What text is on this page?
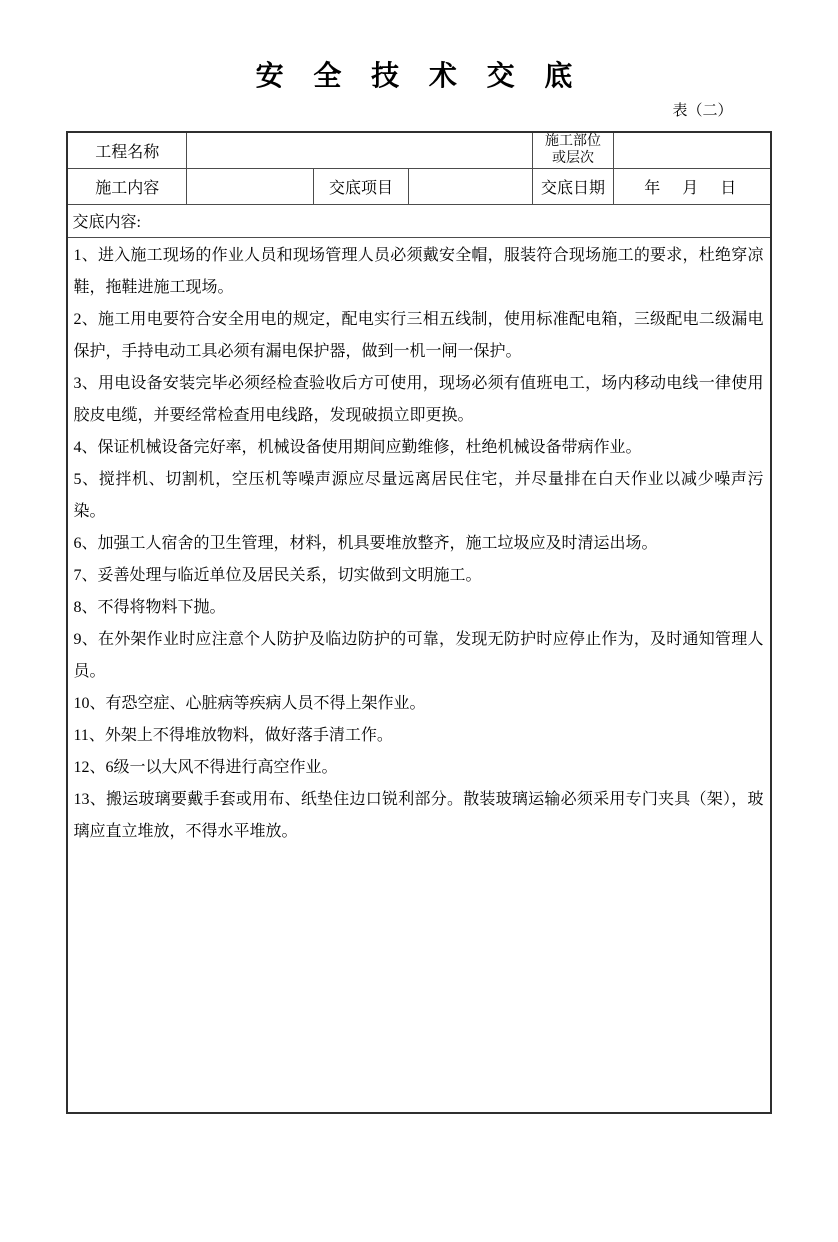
安 全 技 术 交 底
表（二）
工程名称				施工部位
或层次	

施工内容		交底项目		交底日期	年　月　日
交底内容:					

1、进入施工现场的作业人员和现场管理人员必须戴安全帽，服装符合现场施工的要求，杜绝穿凉鞋，拖鞋进施工现场。

2、施工用电要符合安全用电的规定，配电实行三相五线制，使用标准配电箱，三级配电二级漏电保护，手持电动工具必须有漏电保护器，做到一机一闸一保护。

3、用电设备安装完毕必须经检查验收后方可使用，现场必须有值班电工，场内移动电线一律使用胶皮电缆，并要经常检查用电线路，发现破损立即更换。

4、保证机械设备完好率，机械设备使用期间应勤维修，杜绝机械设备带病作业。

5、搅拌机、切割机，空压机等噪声源应尽量远离居民住宅，并尽量排在白天作业以减少噪声污染。

6、加强工人宿舍的卫生管理，材料，机具要堆放整齐，施工垃圾应及时清运出场。

7、妥善处理与临近单位及居民关系，切实做到文明施工。

8、不得将物料下抛。

9、在外架作业时应注意个人防护及临边防护的可靠，发现无防护时应停止作为，及时通知管理人员。

10、有恐空症、心脏病等疾病人员不得上架作业。

11、外架上不得堆放物料，做好落手清工作。

12、6级一以大风不得进行高空作业。

13、搬运玻璃要戴手套或用布、纸垫住边口锐利部分。散装玻璃运输必须采用专门夹具（架），玻璃应直立堆放，不得水平堆放。
